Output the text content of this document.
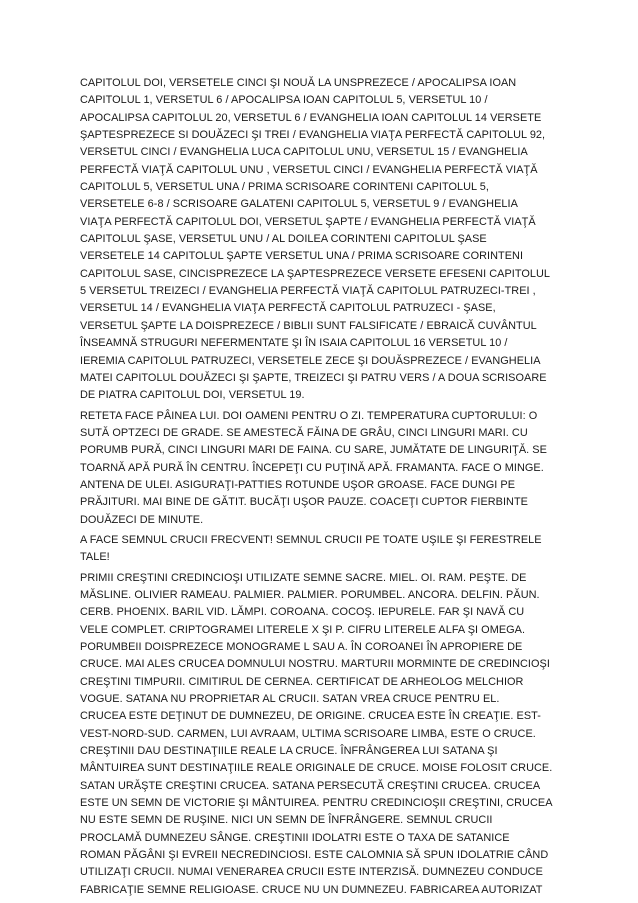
CAPITOLUL DOI, VERSETELE CINCI ŞI NOUĂ LA UNSPREZECE / APOCALIPSA IOAN
CAPITOLUL 1, VERSETUL 6 / APOCALIPSA IOAN CAPITOLUL 5, VERSETUL 10 /
APOCALIPSA CAPITOLUL 20, VERSETUL 6 / EVANGHELIA IOAN CAPITOLUL 14 VERSETE
ŞAPTESPREZECE SI DOUĂZECI ŞI TREI / EVANGHELIA VIAŢA PERFECTĂ CAPITOLUL 92,
VERSETUL CINCI / EVANGHELIA LUCA CAPITOLUL UNU, VERSETUL 15 / EVANGHELIA
PERFECTĂ VIAŢĂ CAPITOLUL UNU , VERSETUL CINCI / EVANGHELIA PERFECTĂ VIAŢĂ
CAPITOLUL 5, VERSETUL UNA / PRIMA SCRISOARE CORINTENI CAPITOLUL 5,
VERSETELE 6-8 / SCRISOARE GALATENI CAPITOLUL 5, VERSETUL 9 / EVANGHELIA
VIAŢA PERFECTĂ CAPITOLUL DOI, VERSETUL ŞAPTE / EVANGHELIA PERFECTĂ VIAŢĂ
CAPITOLUL ŞASE, VERSETUL UNU / AL DOILEA CORINTENI CAPITOLUL ŞASE
VERSETELE 14 CAPITOLUL ŞAPTE VERSETUL UNA / PRIMA SCRISOARE CORINTENI
CAPITOLUL SASE, CINCISPREZECE LA ŞAPTESPREZECE VERSETE EFESENI CAPITOLUL
5 VERSETUL TREIZECI / EVANGHELIA PERFECTĂ VIAŢĂ CAPITOLUL PATRUZECI-TREI ,
VERSETUL 14 / EVANGHELIA VIAŢA PERFECTĂ CAPITOLUL PATRUZECI - ŞASE,
VERSETUL ŞAPTE LA DOISPREZECE / BIBLII SUNT FALSIFICATE / EBRAICĂ CUVÂNTUL
ÎNSEAMNĂ STRUGURI NEFERMENTATE ŞI ÎN ISAIA CAPITOLUL 16 VERSETUL 10 /
IEREMIA CAPITOLUL PATRUZECI, VERSETELE ZECE ŞI DOUĂSPREZECE / EVANGHELIA
MATEI CAPITOLUL DOUĂZECI ŞI ŞAPTE, TREIZECI ŞI PATRU VERS / A DOUA SCRISOARE
DE PIATRA CAPITOLUL DOI, VERSETUL 19.
RETETA FACE PÂINEA LUI. DOI OAMENI PENTRU O ZI. TEMPERATURA CUPTORULUI: O
SUTĂ OPTZECI DE GRADE. SE AMESTECĂ FĂINA DE GRÂU, CINCI LINGURI MARI. CU
PORUMB PURĂ, CINCI LINGURI MARI DE FAINA. CU SARE, JUMĂTATE DE LINGURIŢĂ. SE
TOARNĂ APĂ PURĂ ÎN CENTRU. ÎNCEPEŢI CU PUŢINĂ APĂ. FRAMANTA. FACE O MINGE.
ANTENA DE ULEI. ASIGURAŢI-PATTIES ROTUNDE UŞOR GROASE. FACE DUNGI PE
PRĂJITURI. MAI BINE DE GĂTIT. BUCĂŢI UŞOR PAUZE. COACEŢI CUPTOR FIERBINTE
DOUĂZECI DE MINUTE.
A FACE SEMNUL CRUCII FRECVENT! SEMNUL CRUCII PE TOATE UŞILE ŞI FERESTRELE
TALE!
PRIMII CREŞTINI CREDINCIOŞI UTILIZATE SEMNE SACRE. MIEL. OI. RAM. PEŞTE. DE
MĂSLINE. OLIVIER RAMEAU. PALMIER. PALMIER. PORUMBEL. ANCORA. DELFIN. PĂUN.
CERB. PHOENIX. BARIL VID. LĂMPI. COROANA. COCOŞ. IEPURELE. FAR ŞI NAVĂ CU
VELE COMPLET. CRIPTOGRAMEI LITERELE X ŞI P. CIFRU LITERELE ALFA ŞI OMEGA.
PORUMBEII DOISPREZECE MONOGRAME L SAU A. ÎN COROANEI ÎN APROPIERE DE
CRUCE. MAI ALES CRUCEA DOMNULUI NOSTRU. MARTURII MORMINTE DE CREDINCIOŞI
CREŞTINI TIMPURII. CIMITIRUL DE CERNEA. CERTIFICAT DE ARHEOLOG MELCHIOR
VOGUE. SATANA NU PROPRIETAR AL CRUCII. SATAN VREA CRUCE PENTRU EL.
CRUCEA ESTE DEŢINUT DE DUMNEZEU, DE ORIGINE. CRUCEA ESTE ÎN CREAŢIE. EST-
VEST-NORD-SUD. CARMEN, LUI AVRAAM, ULTIMA SCRISOARE LIMBA, ESTE O CRUCE.
CREŞTINII DAU DESTINAŢIILE REALE LA CRUCE. ÎNFRÂNGEREA LUI SATANA ŞI
MÂNTUIREA SUNT DESTINAŢIILE REALE ORIGINALE DE CRUCE. MOISE FOLOSIT CRUCE.
SATAN URĂŞTE CREŞTINI CRUCEA. SATANA PERSECUTĂ CREŞTINI CRUCEA. CRUCEA
ESTE UN SEMN DE VICTORIE ŞI MÂNTUIREA. PENTRU CREDINCIOŞII CREŞTINI, CRUCEA
NU ESTE SEMN DE RUŞINE. NICI UN SEMN DE ÎNFRÂNGERE. SEMNUL CRUCII
PROCLAMĂ DUMNEZEU SÂNGE. CREŞTINII IDOLATRI ESTE O TAXA DE SATANICE
ROMAN PĂGÂNI ŞI EVREII NECREDINCIOSI. ESTE CALOMNIA SĂ SPUN IDOLATRIE CÂND
UTILIZAŢI CRUCII. NUMAI VENERAREA CRUCII ESTE INTERZISĂ. DUMNEZEU CONDUCE
FABRICAŢIE SEMNE RELIGIOASE. CRUCE NU UN DUMNEZEU. FABRICAREA AUTORIZAT
